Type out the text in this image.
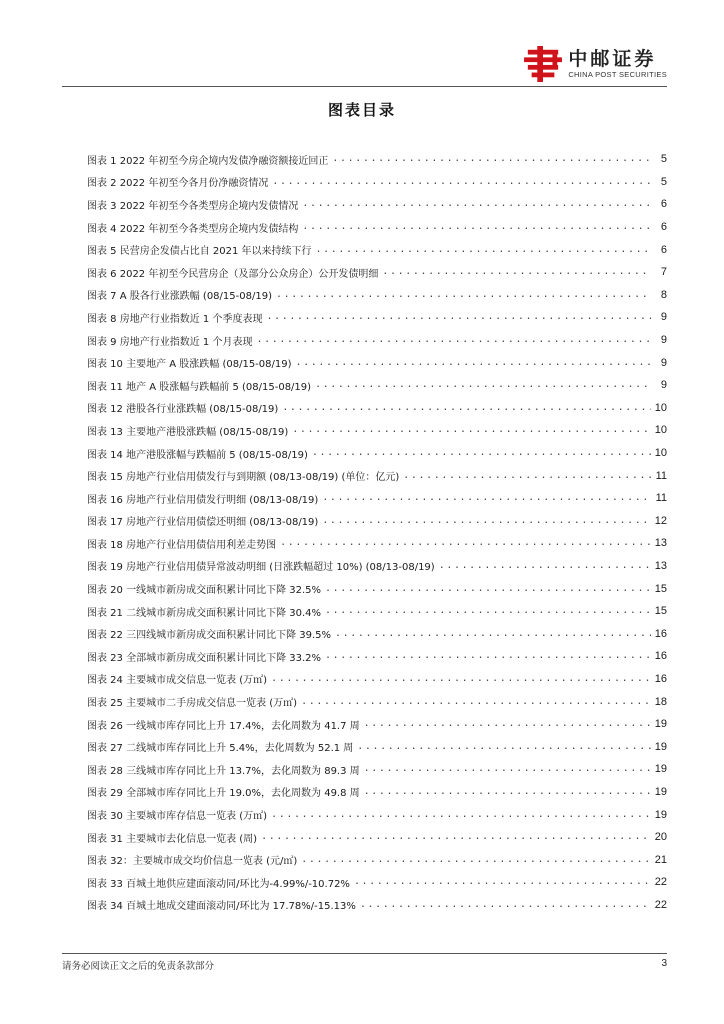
中邮证券
CHINA POST SECURITIES
图表目录
图表 1 2022 年初至今房企境内发债净融资额接近回正 .....	5
图表 2 2022 年初至今各月份净融资情况 .....	5
图表 3 2022 年初至今各类型房企境内发债情况 .....	6
图表 4 2022 年初至今各类型房企境内发债结构 .....	6
图表 5 民营房企发债占比自 2021 年以来持续下行 .....	6
图表 6 2022 年初至今民营房企（及部分公众房企）公开发债明细 .....	7
图表 7 A 股各行业涨跌幅 (08/15-08/19) .....	8
图表 8 房地产行业指数近 1 个季度表现 .....	9
图表 9 房地产行业指数近 1 个月表现 .....	9
图表 10 主要地产 A 股涨跌幅 (08/15-08/19) .....	9
图表 11 地产 A 股涨幅与跌幅前 5 (08/15-08/19) .....	9
图表 12 港股各行业涨跌幅 (08/15-08/19) .....	10
图表 13 主要地产港股涨跌幅 (08/15-08/19) .....	10
图表 14 地产港股涨幅与跌幅前 5 (08/15-08/19) .....	10
图表 15 房地产行业信用债发行与到期额 (08/13-08/19) (单位：亿元) .....	11
图表 16 房地产行业信用债发行明细 (08/13-08/19) .....	11
图表 17 房地产行业信用债偿还明细 (08/13-08/19) .....	12
图表 18 房地产行业信用债信用利差走势图 .....	13
图表 19 房地产行业信用债异常波动明细 (日涨跌幅超过 10%) (08/13-08/19) .....	13
图表 20 一线城市新房成交面积累计同比下降 32.5% .....	15
图表 21 二线城市新房成交面积累计同比下降 30.4% .....	15
图表 22 三四线城市新房成交面积累计同比下降 39.5% .....	16
图表 23 全部城市新房成交面积累计同比下降 33.2% .....	16
图表 24 主要城市成交信息一览表 (万㎡) .....	16
图表 25 主要城市二手房成交信息一览表 (万㎡) .....	18
图表 26 一线城市库存同比上升 17.4%，去化周数为 41.7 周 .....	19
图表 27 二线城市库存同比上升 5.4%，去化周数为 52.1 周 .....	19
图表 28 三线城市库存同比上升 13.7%，去化周数为 89.3 周 .....	19
图表 29 全部城市库存同比上升 19.0%，去化周数为 49.8 周 .....	19
图表 30 主要城市库存信息一览表 (万㎡) .....	19
图表 31 主要城市去化信息一览表 (周) .....	20
图表 32：主要城市成交均价信息一览表 (元/㎡) .....	21
图表 33 百城土地供应建面滚动同/环比为-4.99%/-10.72% .....	22
图表 34 百城土地成交建面滚动同/环比为 17.78%/-15.13% .....	22
请务必阅读正文之后的免责条款部分	3
